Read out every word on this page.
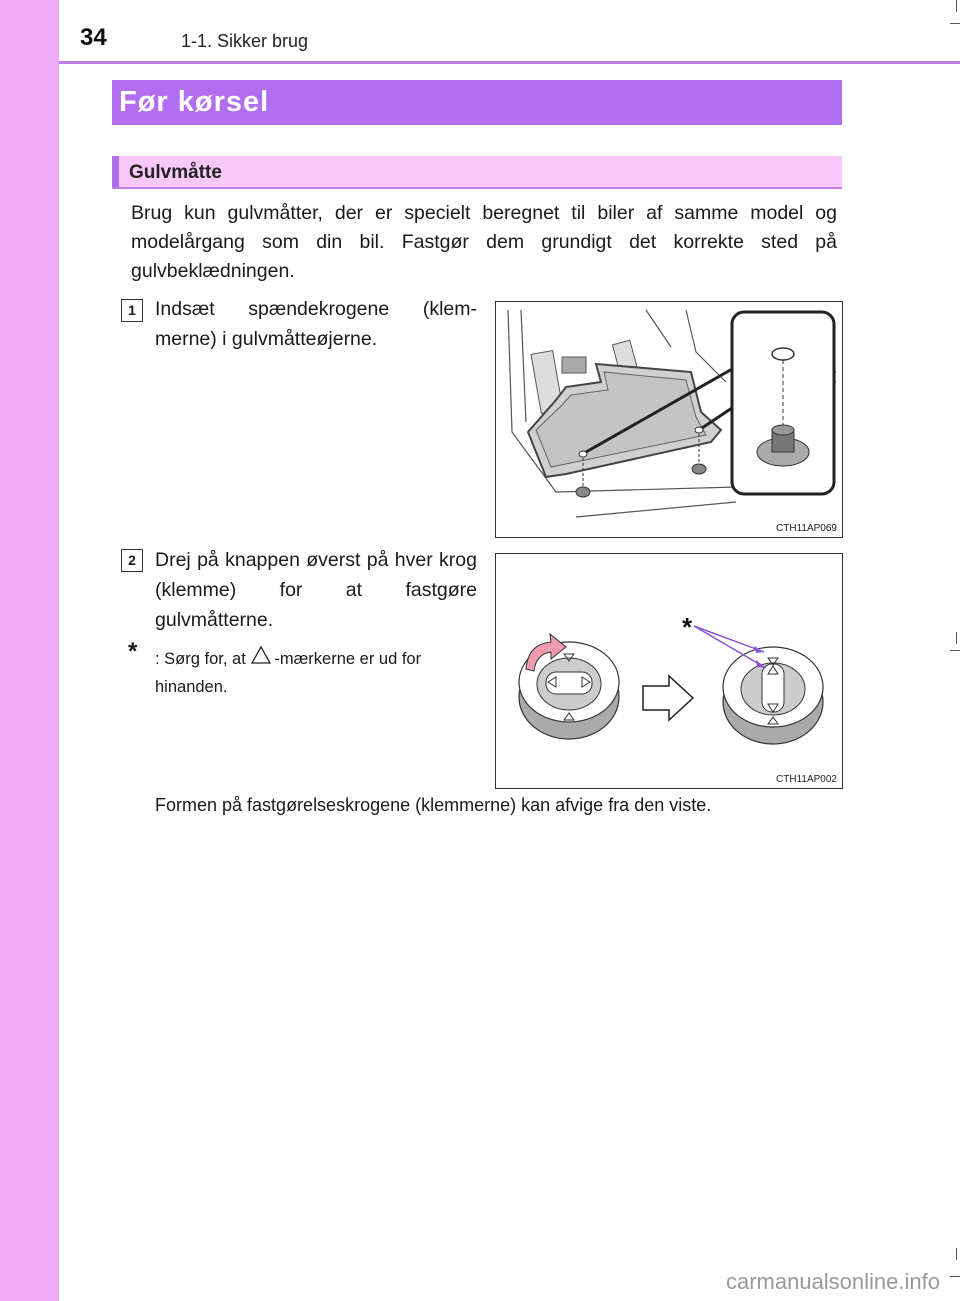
34	1-1. Sikker brug
Før kørsel
Gulvmåtte

Brug kun gulvmåtter, der er specielt beregnet til biler af samme model og modelårgang som din bil. Fastgør dem grundigt det korrekte sted på gulvbeklædningen.

1 Indsæt spændekrogene (klem-merne) i gulvmåtteøjerne.

CTH11AP069
2 Drej på knappen øverst på hver krog (klemme) for at fastgøre gulvmåtterne.

* : Sørg for, at -mærkerne er ud for hinanden.

*
CTH11AP002
Formen på fastgørelseskrogene (klemmerne) kan afvige fra den viste.
carmanualsonline.info
